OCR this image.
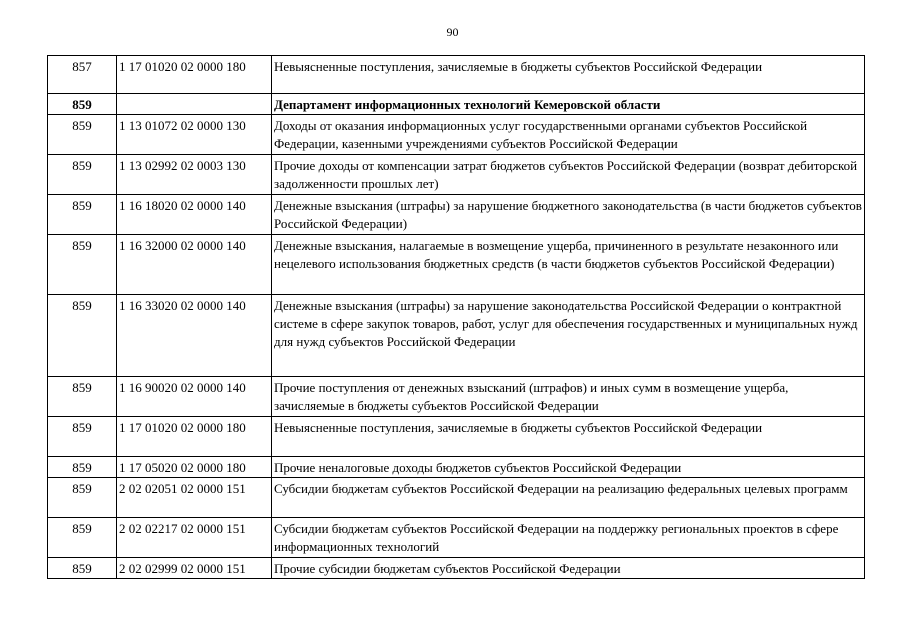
90
857	1 17 01020 02 0000 180	Невыясненные поступления, зачисляемые в бюджеты субъектов Российской Федерации
859		Департамент информационных технологий Кемеровской области
859	1 13 01072 02 0000 130	Доходы от оказания информационных услуг государственными органами субъектов Российской Федерации, казенными учреждениями субъектов Российской Федерации
859	1 13 02992 02 0003 130	Прочие доходы от компенсации затрат бюджетов субъектов Российской Федерации (возврат дебиторской задолженности прошлых лет)
859	1 16 18020 02 0000 140	Денежные взыскания (штрафы) за нарушение бюджетного законодательства (в части бюджетов субъектов Российской Федерации)
859	1 16 32000 02 0000 140	Денежные взыскания, налагаемые в возмещение ущерба, причиненного в результате незаконного или нецелевого использования бюджетных средств (в части бюджетов субъектов Российской Федерации)
859	1 16 33020 02 0000 140	Денежные взыскания (штрафы) за нарушение законодательства Российской Федерации о контрактной системе в сфере закупок товаров, работ, услуг для обеспечения государственных и муниципальных нужд для нужд субъектов Российской Федерации
859	1 16 90020 02 0000 140	Прочие поступления от денежных взысканий (штрафов) и иных сумм в возмещение ущерба, зачисляемые в бюджеты субъектов Российской Федерации
859	1 17 01020 02 0000 180	Невыясненные поступления, зачисляемые в бюджеты субъектов Российской Федерации
859	1 17 05020 02 0000 180	Прочие неналоговые доходы бюджетов субъектов Российской Федерации
859	2 02 02051 02 0000 151	Субсидии бюджетам субъектов Российской Федерации на реализацию федеральных целевых программ
859	2 02 02217 02 0000 151	Субсидии бюджетам субъектов Российской Федерации на поддержку региональных проектов в сфере информационных технологий
859	2 02 02999 02 0000 151	Прочие субсидии бюджетам субъектов Российской Федерации
